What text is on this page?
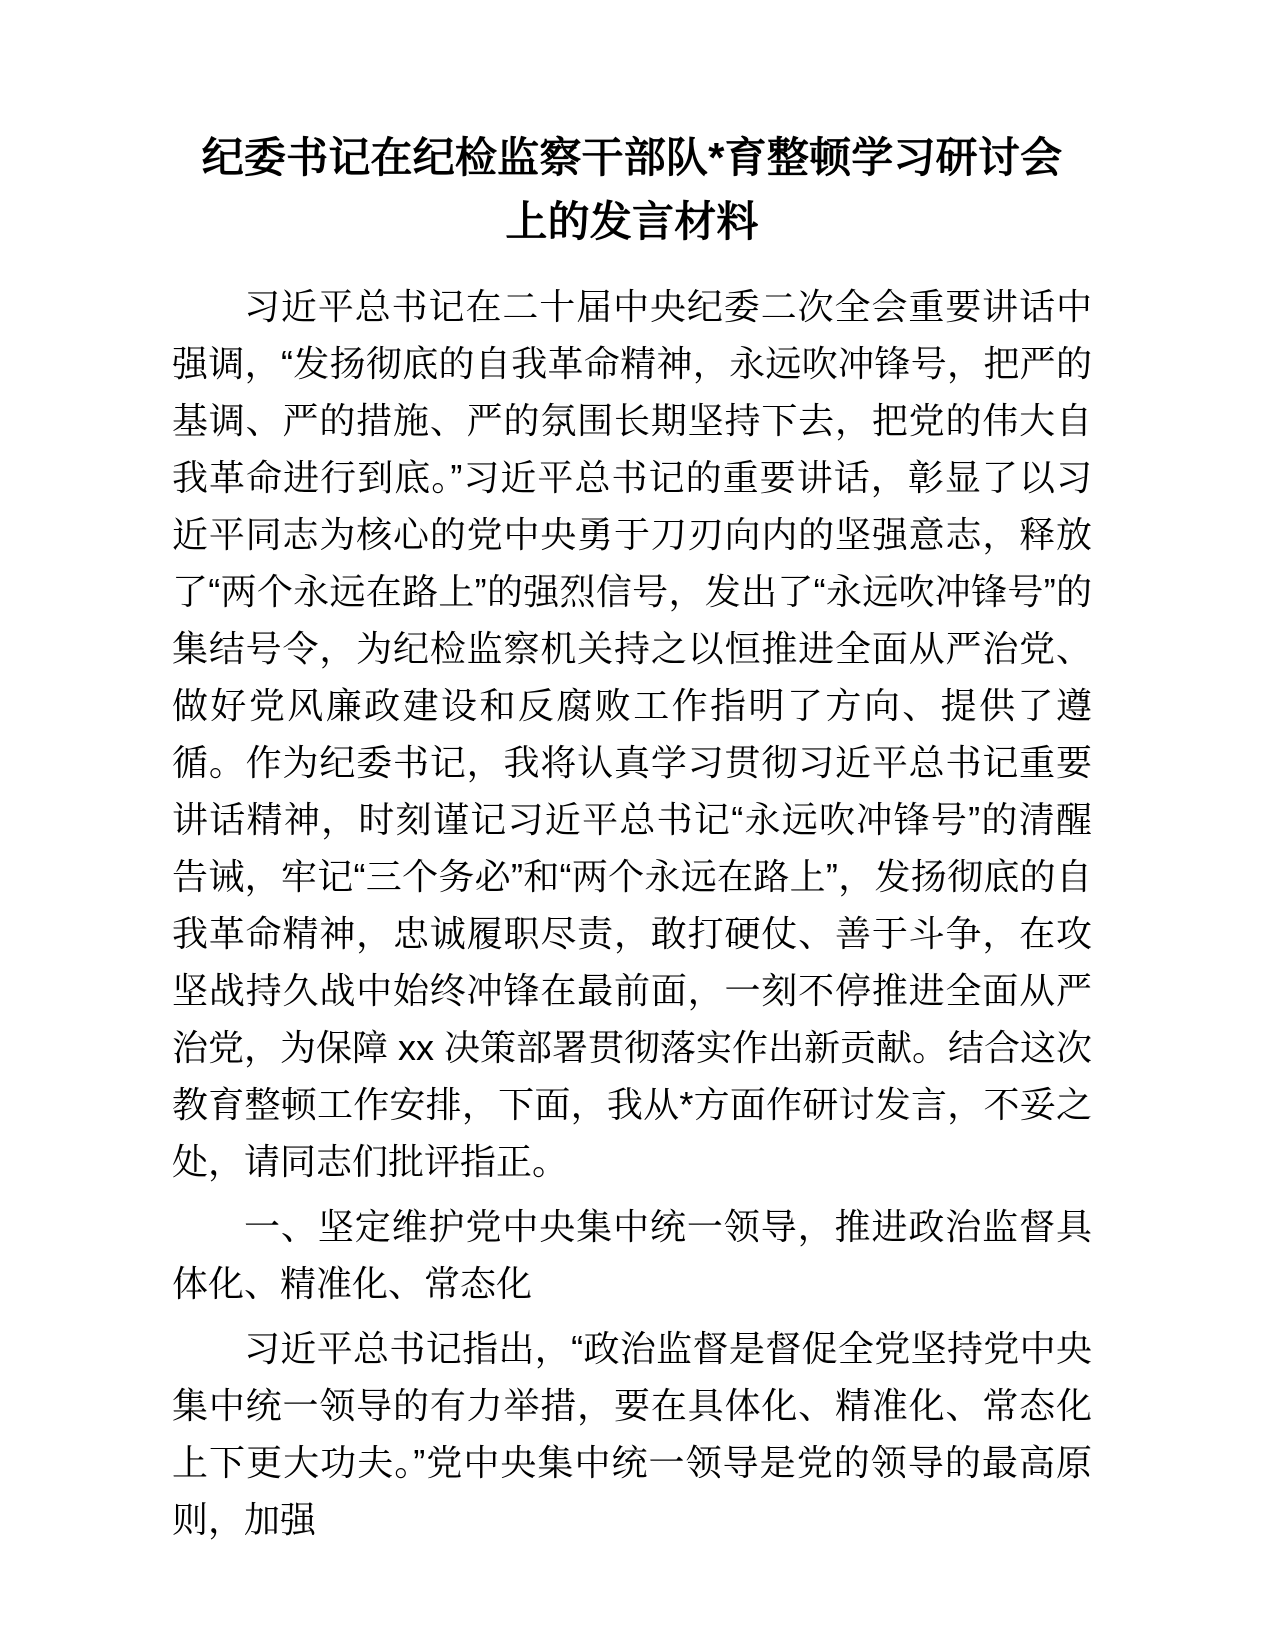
纪委书记在纪检监察干部队*育整顿学习研讨会
上的发言材料

习近平总书记在二十届中央纪委二次全会重要讲话中强调，“发扬彻底的自我革命精神，永远吹冲锋号，把严的基调、严的措施、严的氛围长期坚持下去，把党的伟大自我革命进行到底。”习近平总书记的重要讲话，彰显了以习近平同志为核心的党中央勇于刀刃向内的坚强意志，释放了“两个永远在路上”的强烈信号，发出了“永远吹冲锋号”的集结号令，为纪检监察机关持之以恒推进全面从严治党、做好党风廉政建设和反腐败工作指明了方向、提供了遵循。作为纪委书记，我将认真学习贯彻习近平总书记重要讲话精神，时刻谨记习近平总书记“永远吹冲锋号”的清醒告诫，牢记“三个务必”和“两个永远在路上”，发扬彻底的自我革命精神，忠诚履职尽责，敢打硬仗、善于斗争，在攻坚战持久战中始终冲锋在最前面，一刻不停推进全面从严治党，为保障 xx 决策部署贯彻落实作出新贡献。结合这次教育整顿工作安排，下面，我从*方面作研讨发言，不妥之处，请同志们批评指正。

一、坚定维护党中央集中统一领导，推进政治监督具体化、精准化、常态化

习近平总书记指出，“政治监督是督促全党坚持党中央集中统一领导的有力举措，要在具体化、精准化、常态化上下更大功夫。”党中央集中统一领导是党的领导的最高原则，加强
